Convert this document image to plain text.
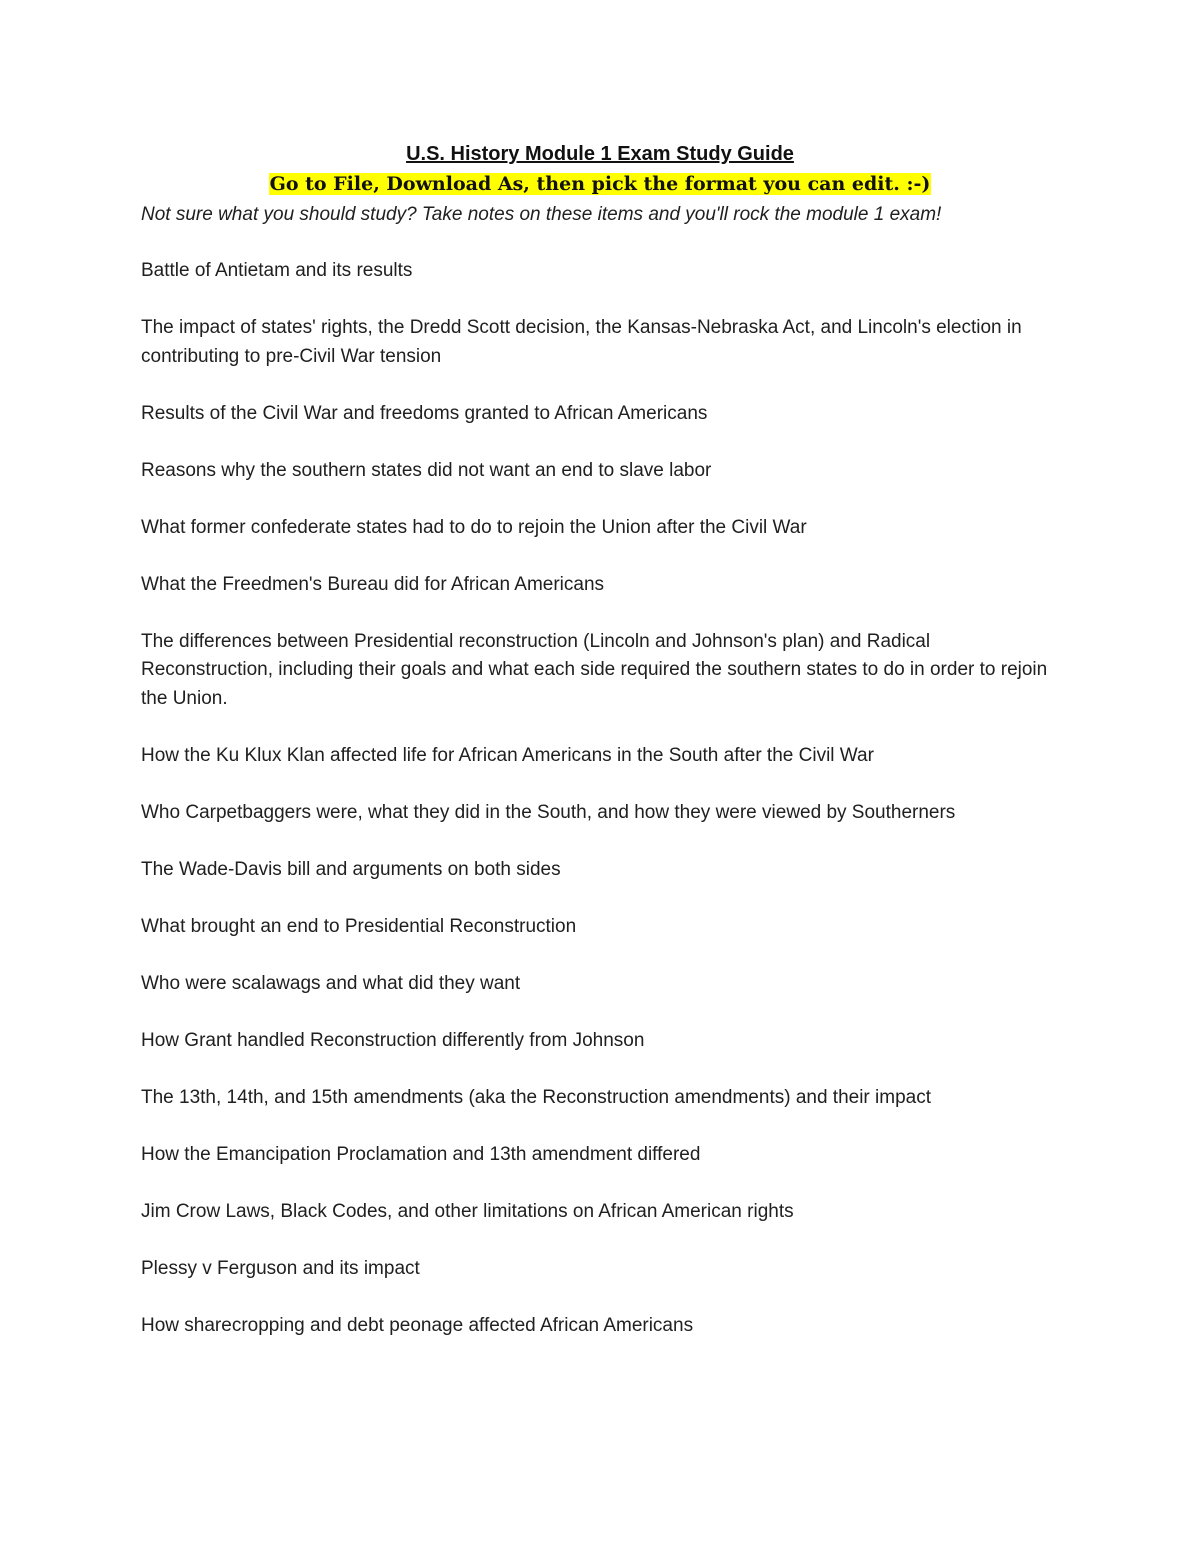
U.S. History Module 1 Exam Study Guide
Go to File, Download As, then pick the format you can edit. :-)

Not sure what you should study? Take notes on these items and you'll rock the module 1 exam!

Battle of Antietam and its results
The impact of states' rights, the Dredd Scott decision, the Kansas-Nebraska Act, and Lincoln's election in contributing to pre-Civil War tension
Results of the Civil War and freedoms granted to African Americans
Reasons why the southern states did not want an end to slave labor
What former confederate states had to do to rejoin the Union after the Civil War
What the Freedmen's Bureau did for African Americans
The differences between Presidential reconstruction (Lincoln and Johnson's plan) and Radical Reconstruction, including their goals and what each side required the southern states to do in order to rejoin the Union.
How the Ku Klux Klan affected life for African Americans in the South after the Civil War
Who Carpetbaggers were, what they did in the South, and how they were viewed by Southerners
The Wade-Davis bill and arguments on both sides
What brought an end to Presidential Reconstruction
Who were scalawags and what did they want
How Grant handled Reconstruction differently from Johnson
The 13th, 14th, and 15th amendments (aka the Reconstruction amendments) and their impact
How the Emancipation Proclamation and 13th amendment differed
Jim Crow Laws, Black Codes, and other limitations on African American rights
Plessy v Ferguson and its impact
How sharecropping and debt peonage affected African Americans
